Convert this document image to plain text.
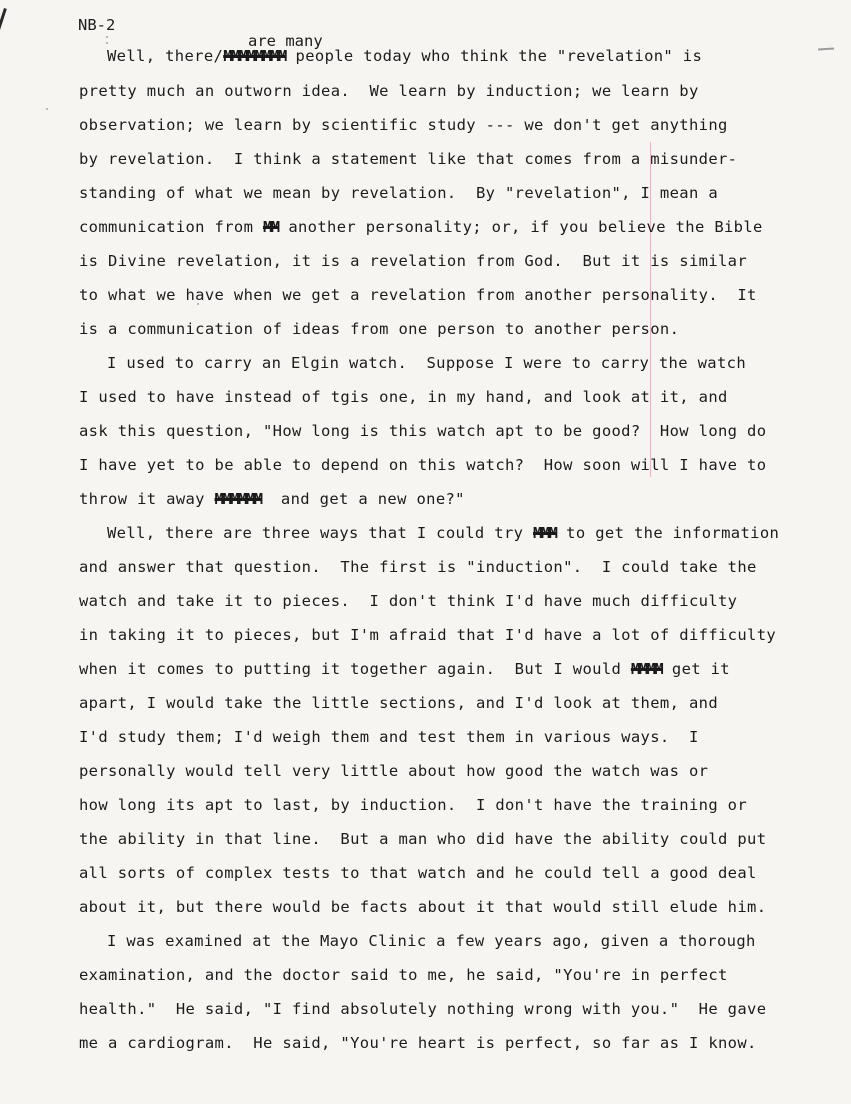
NB-2
are many
Well, there/MMMMMMMM people today who think the "revelation" is
pretty much an outworn idea.  We learn by induction; we learn by
observation; we learn by scientific study --- we don't get anything
by revelation.  I think a statement like that comes from a misunder-
standing of what we mean by revelation.  By "revelation", I mean a
communication from MM another personality; or, if you believe the Bible
is Divine revelation, it is a revelation from God.  But it is similar
to what we have when we get a revelation from another personality.  It
is a communication of ideas from one person to another person.
I used to carry an Elgin watch.  Suppose I were to carry the watch
I used to have instead of tgis one, in my hand, and look at it, and
ask this question, "How long is this watch apt to be good?  How long do
I have yet to be able to depend on this watch?  How soon will I have to
throw it away MMMMMM  and get a new one?"
Well, there are three ways that I could try MMM to get the information
and answer that question.  The first is "induction".  I could take the
watch and take it to pieces.  I don't think I'd have much difficulty
in taking it to pieces, but I'm afraid that I'd have a lot of difficulty
when it comes to putting it together again.  But I would MMMM get it
apart, I would take the little sections, and I'd look at them, and
I'd study them; I'd weigh them and test them in various ways.  I
personally would tell very little about how good the watch was or
how long its apt to last, by induction.  I don't have the training or
the ability in that line.  But a man who did have the ability could put
all sorts of complex tests to that watch and he could tell a good deal
about it, but there would be facts about it that would still elude him.
I was examined at the Mayo Clinic a few years ago, given a thorough
examination, and the doctor said to me, he said, "You're in perfect
health."  He said, "I find absolutely nothing wrong with you."  He gave
me a cardiogram.  He said, "You're heart is perfect, so far as I know.
